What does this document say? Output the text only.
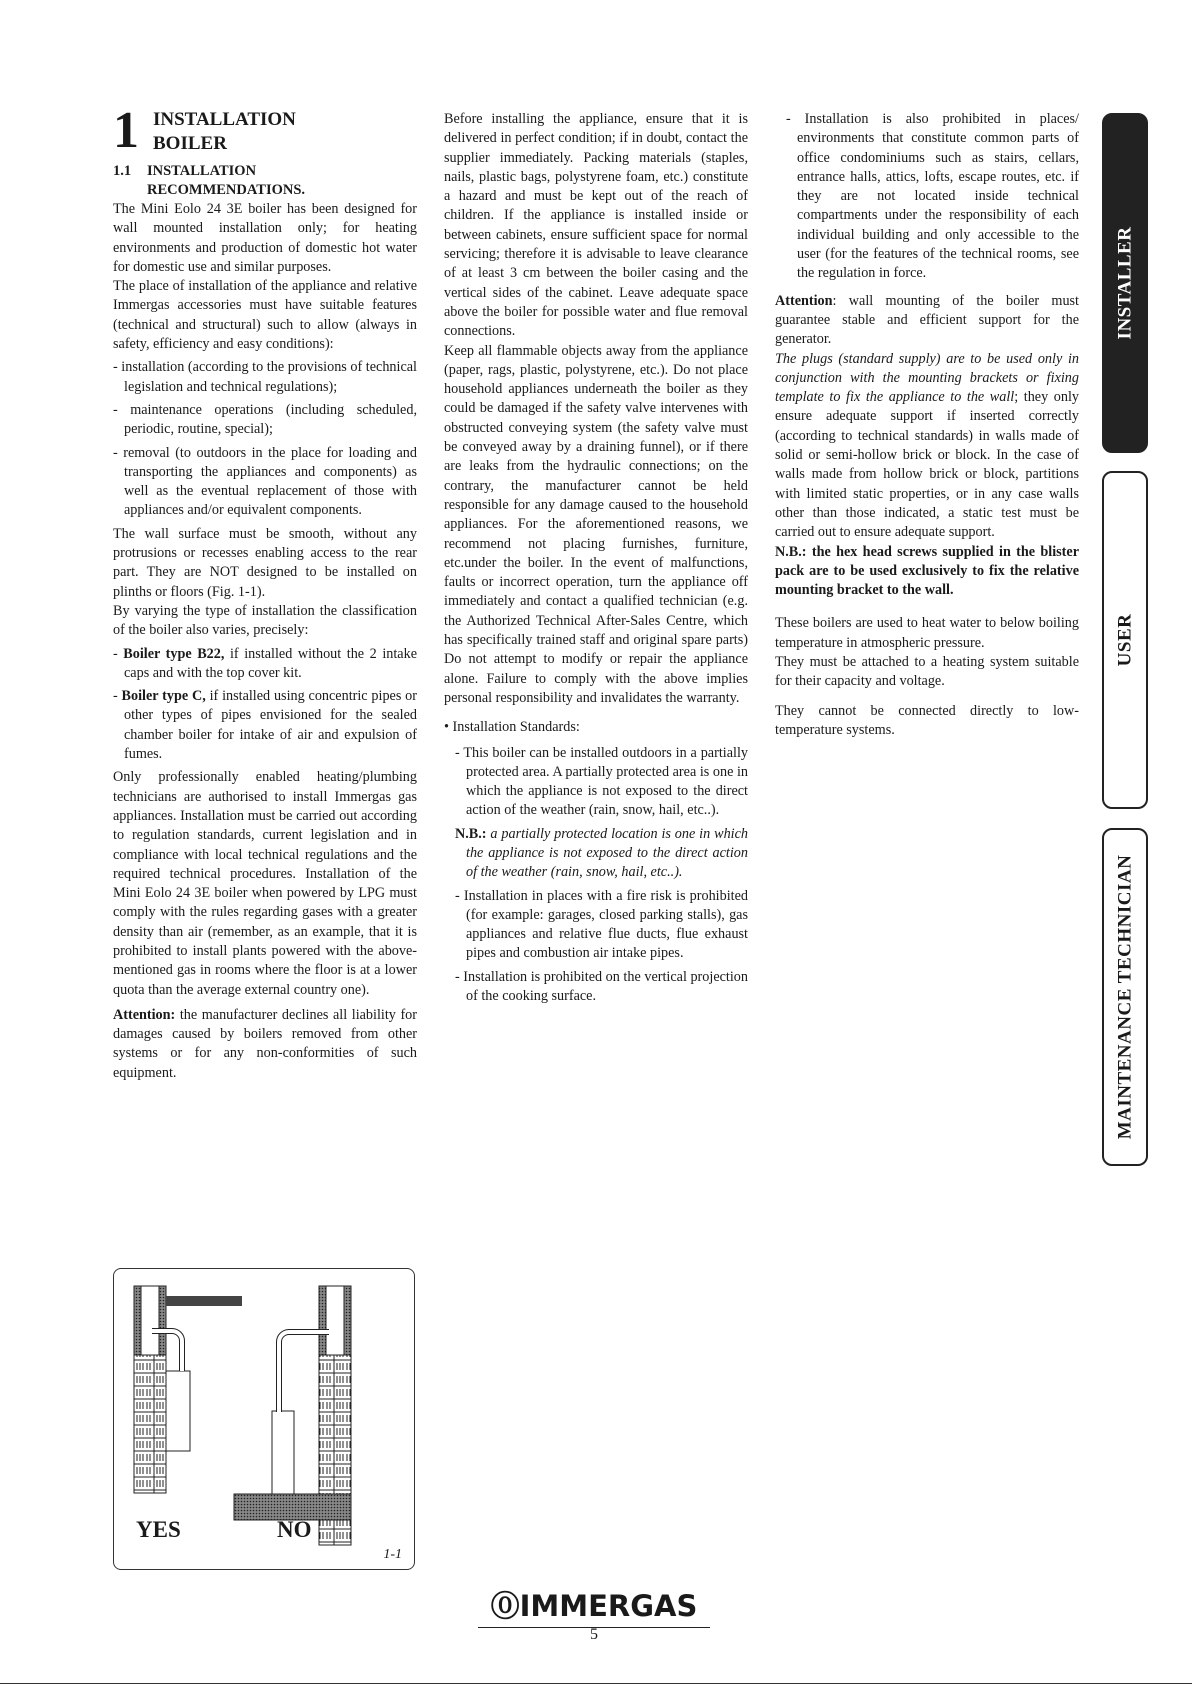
1 INSTALLATION
BOILER
1.1	INSTALLATION
RECOMMENDATIONS.

The Mini Eolo 24 3E boiler has been designed for wall mounted installation only; for heating environments and production of domestic hot water for domestic use and similar purposes.

The place of installation of the appliance and relative Immergas accessories must have suitable features (technical and structural) such to allow (always in safety, efficiency and easy conditions):

- installation (according to the provisions of technical legislation and technical regulations);

- maintenance operations (including scheduled, periodic, routine, special);

- removal (to outdoors in the place for loading and transporting the appliances and components) as well as the eventual replacement of those with appliances and/or equivalent components.

The wall surface must be smooth, without any protrusions or recesses enabling access to the rear part. They are NOT designed to be installed on plinths or floors (Fig. 1-1).

By varying the type of installation the classification of the boiler also varies, precisely:

- Boiler type B22, if installed without the 2 intake caps and with the top cover kit.

- Boiler type C, if installed using concentric pipes or other types of pipes envisioned for the sealed chamber boiler for intake of air and expulsion of fumes.

Only professionally enabled heating/plumbing technicians are authorised to install Immergas gas appliances. Installation must be carried out according to regulation standards, current legislation and in compliance with local technical regulations and the required technical procedures. Installation of the Mini Eolo 24 3E boiler when powered by LPG must comply with the rules regarding gases with a greater density than air (remember, as an example, that it is prohibited to install plants powered with the above-mentioned gas in rooms where the floor is at a lower quota than the average external country one).

Attention: the manufacturer declines all liability for damages caused by boilers removed from other systems or for any non-conformities of such equipment.

Before installing the appliance, ensure that it is delivered in perfect condition; if in doubt, contact the supplier immediately. Packing materials (staples, nails, plastic bags, polystyrene foam, etc.) constitute a hazard and must be kept out of the reach of children. If the appliance is installed inside or between cabinets, ensure sufficient space for normal servicing; therefore it is advisable to leave clearance of at least 3 cm between the boiler casing and the vertical sides of the cabinet. Leave adequate space above the boiler for possible water and flue removal connections.

Keep all flammable objects away from the appliance (paper, rags, plastic, polystyrene, etc.). Do not place household appliances underneath the boiler as they could be damaged if the safety valve intervenes with obstructed conveying system (the safety valve must be conveyed away by a draining funnel), or if there are leaks from the hydraulic connections; on the contrary, the manufacturer cannot be held responsible for any damage caused to the household appliances. For the aforementioned reasons, we recommend not placing furnishes, furniture, etc.under the boiler. In the event of malfunctions, faults or incorrect operation, turn the appliance off immediately and contact a qualified technician (e.g. the Authorized Technical After-Sales Centre, which has specifically trained staff and original spare parts) Do not attempt to modify or repair the appliance alone. Failure to comply with the above implies personal responsibility and invalidates the warranty.

• Installation Standards:

- This boiler can be installed outdoors in a partially protected area. A partially protected area is one in which the appliance is not exposed to the direct action of the weather (rain, snow, hail, etc..).

N.B.: a partially protected location is one in which the appliance is not exposed to the direct action of the weather (rain, snow, hail, etc..).

- Installation in places with a fire risk is prohibited (for example: garages, closed parking stalls), gas appliances and relative flue ducts, flue exhaust pipes and combustion air intake pipes.

- Installation is prohibited on the vertical projection of the cooking surface.

- Installation is also prohibited in places/ environments that constitute common parts of office condominiums such as stairs, cellars, entrance halls, attics, lofts, escape routes, etc. if they are not located inside technical compartments under the responsibility of each individual building and only accessible to the user (for the features of the technical rooms, see the regulation in force.

Attention: wall mounting of the boiler must guarantee stable and efficient support for the generator.

The plugs (standard supply) are to be used only in conjunction with the mounting brackets or fixing template to fix the appliance to the wall; they only ensure adequate support if inserted correctly (according to technical standards) in walls made of solid or semi-hollow brick or block. In the case of walls made from hollow brick or block, partitions with limited static properties, or in any case walls other than those indicated, a static test must be carried out to ensure adequate support.

N.B.: the hex head screws supplied in the blister pack are to be used exclusively to fix the relative mounting bracket to the wall.

These boilers are used to heat water to below boiling temperature in atmospheric pressure.

They must be attached to a heating system suitable for their capacity and voltage.

They cannot be connected directly to low-temperature systems.

INSTALLER
USER
MAINTENANCE TECHNICIAN
YES	NO
1-1
⓪IMMERGAS
5
